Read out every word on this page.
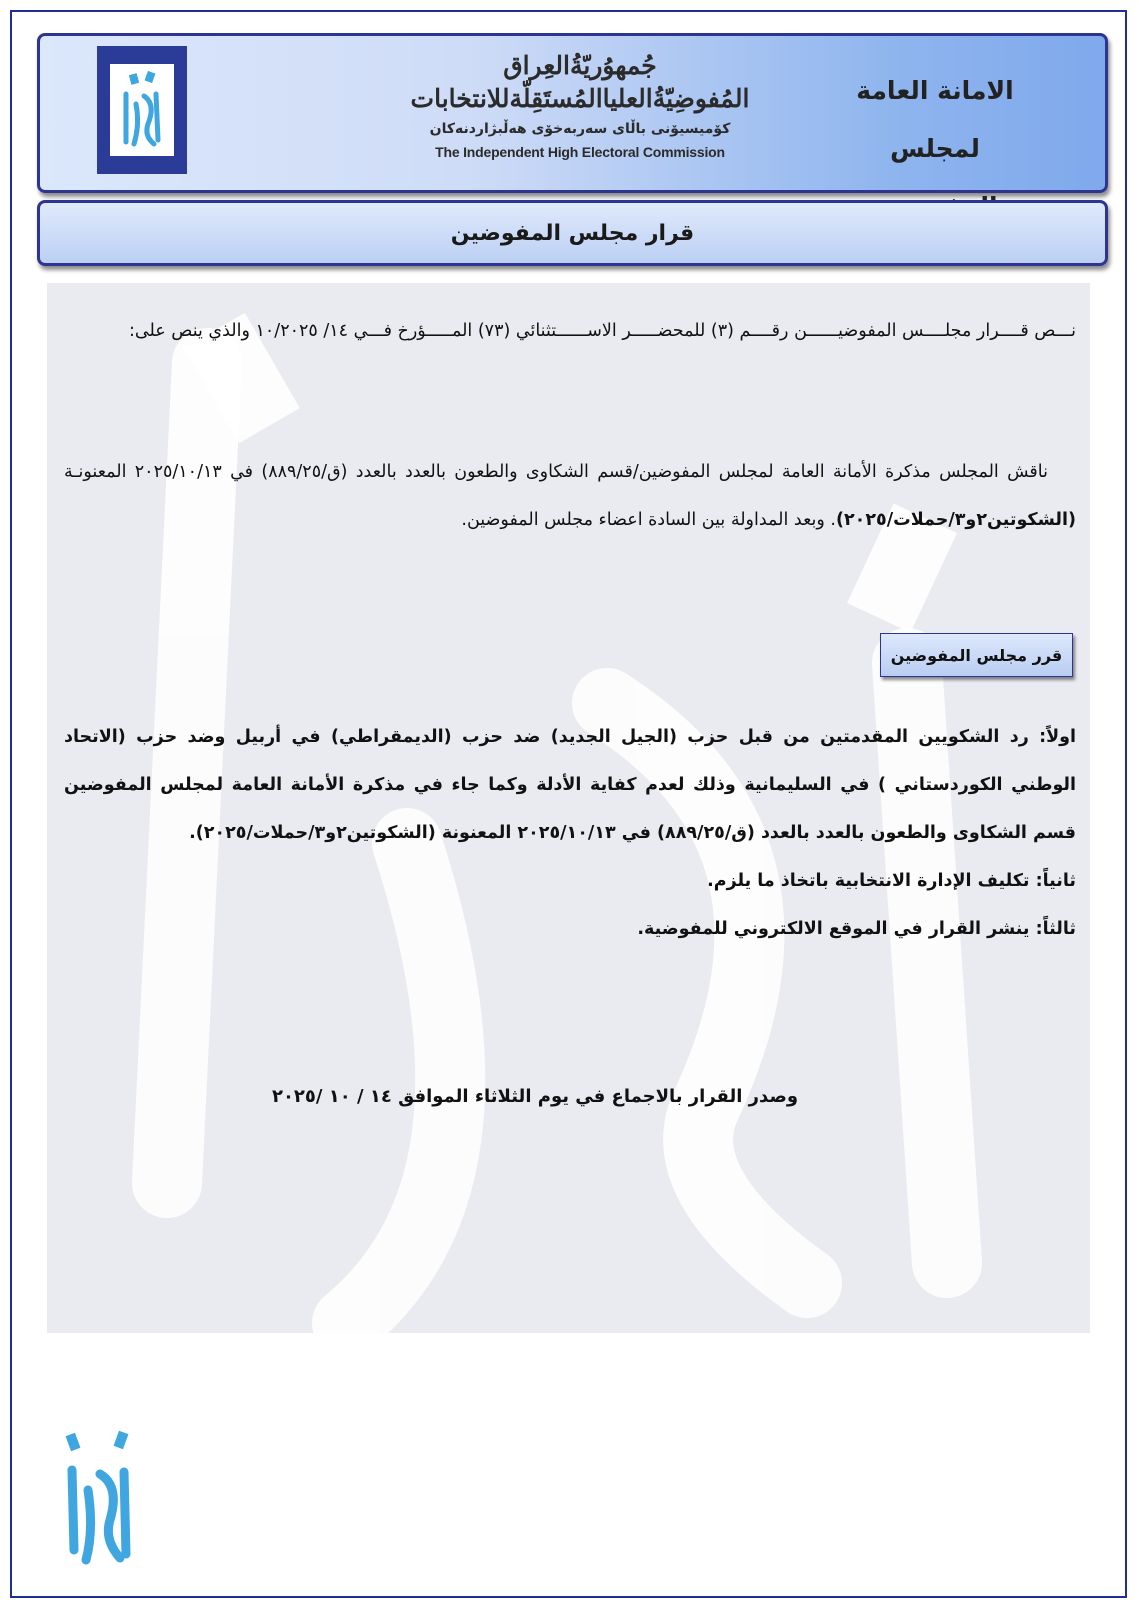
جُمهوُريّةُالعِراق
المُفوضِيّةُالعلیاالمُستَقِلّةللانتخابات
کۆمیسیۆنی باڵای سەربەخۆی هەڵبژاردنەکان
The Independent High Electoral Commission
الامانة العامة
لمجلس
قرار مجلس المفوضين
نـــص قــــرار مجلــــس المفوضيــــــن رقــــم (٣) للمحضـــــر الاســــــتثنائي (٧٣) المـــــؤرخ فـــي ١٤/ ١٠/٢٠٢٥ والذي ينص على:
ناقش المجلس مذكرة الأمانة العامة لمجلس المفوضين/قسم الشكاوى والطعون بالعدد بالعدد (ق/٨٨٩/٢٥) في ٢٠٢٥/١٠/١٣ المعنونـة (الشكوتين٢و٣/حملات/٢٠٢٥). وبعد المداولة بين السادة اعضاء مجلس المفوضين.
قرر مجلس المفوضين
اولاً: رد الشكويين المقدمتين من قبل حزب (الجيل الجديد) ضد حزب (الديمقراطي) في أربيل وضد حزب (الاتحاد الوطني الكوردستاني ) في السليمانية وذلك لعدم كفاية الأدلة وكما جاء في مذكرة الأمانة العامة لمجلس المفوضين قسم الشكاوى والطعون بالعدد بالعدد (ق/٨٨٩/٢٥) في ٢٠٢٥/١٠/١٣ المعنونة (الشكوتين٢و٣/حملات/٢٠٢٥).
ثانياً: تكليف الإدارة الانتخابية باتخاذ ما يلزم.
ثالثاً: ينشر القرار في الموقع الالكتروني للمفوضية.
وصدر القرار بالاجماع في يوم الثلاثاء الموافق ١٤ / ١٠ /٢٠٢٥
